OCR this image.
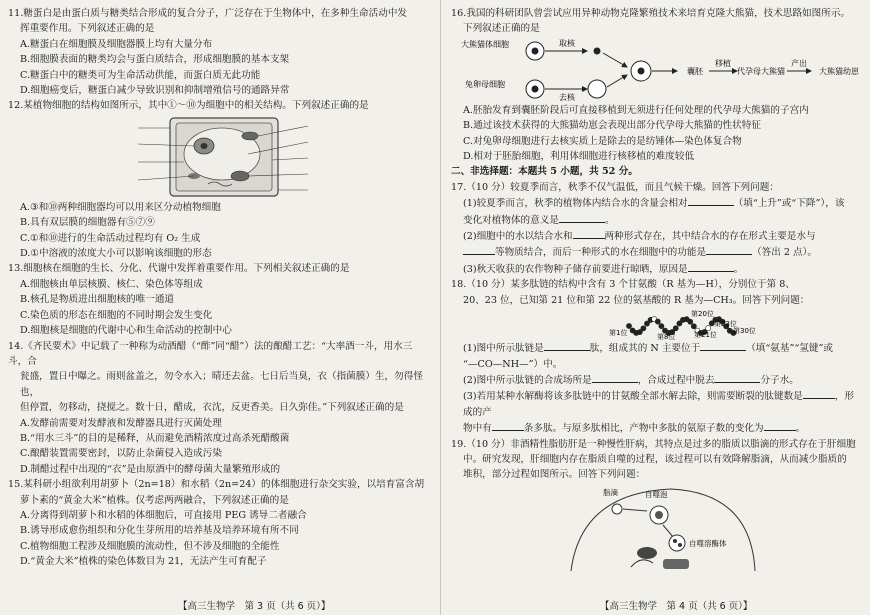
11.糖蛋白是由蛋白质与糖类结合形成的复合分子，广泛存在于生物体中，在多种生命活动中发

挥重要作用。下列叙述正确的是

A.糖蛋白在细胞膜及细胞器膜上均有大量分布

B.细胞膜表面的糖类均会与蛋白质结合，形成细胞膜的基本支架

C.糖蛋白中的糖类可为生命活动供能，而蛋白质无此功能

D.细胞癌变后，糖蛋白减少导致识别和抑制增殖信号的通路异常

12.某植物细胞的结构如图所示，其中①～⑩为细胞中的相关结构。下列叙述正确的是

A.③和⑩两种细胞器均可以用来区分动植物细胞

B.具有双层膜的细胞器有⑤⑦⑨

C.①和⑩进行的生命活动过程均有 O₂ 生成

D.①中溶液的浓度大小可以影响该细胞的形态

13.细胞核在细胞的生长、分化、代谢中发挥着重要作用。下列相关叙述正确的是

A.细胞核由单层核膜、核仁、染色体等组成

B.核孔是物质进出细胞核的唯一通道

C.染色质的形态在细胞的不同时期会发生变化

D.细胞核是细胞的代谢中心和生命活动的控制中心

14.《齐民要术》中记载了一种称为动酒醋（“酢”同“醋”）法的酿醋工艺：“大率酒一斗，用水三斗，合

瓮盛，置日中曝之。雨则盆盖之，勿令水入；晴还去盆。七日后当臭，衣（指菌膜）生，勿得怪也，

但停置，勿移动，挠搅之。数十日，醋成，衣沈，反更香美。日久弥佳。”下列叙述正确的是

A.发酵前需要对发酵液和发酵器具进行灭菌处理

B.“用水三斗”的目的是稀释，从而避免酒精浓度过高杀死醋酸菌

C.酿醋装置需要密封，以防止杂菌侵入造成污染

D.制醋过程中出现的“衣”是由原酒中的酵母菌大量繁殖形成的

15.某科研小组欲利用胡萝卜（2n=18）和水稻（2n=24）的体细胞进行杂交实验，以培育富含胡

萝卜素的“黄金大米”植株。仅考虑两两融合，下列叙述正确的是

A.分离得到胡萝卜和水稻的体细胞后，可直接用 PEG 诱导二者融合

B.诱导形成愈伤组织和分化生芽所用的培养基及培养环境有所不同

C.植物细胞工程涉及细胞膜的流动性，但不涉及细胞的全能性

D.“黄金大米”植株的染色体数目为 21，无法产生可育配子

【高三生物学　第 3 页（共 6 页）】

16.我国的科研团队曾尝试应用异种动物克隆繁殖技术来培育克隆大熊猫，技术思路如图所示。

下列叙述正确的是

大熊猫体细胞	取核
兔卵母细胞
去核
囊胚
移植
代孕母大熊猫
产出
大熊猫幼崽

A.胚胎发育到囊胚阶段后可直接移植到无须进行任何处理的代孕母大熊猫的子宫内

B.通过该技术获得的大熊猫幼崽会表现出部分代孕母大熊猫的性状特征

C.对兔卵母细胞进行去核实质上是除去的是纺锤体—染色体复合物

D.相对于胚胎细胞，利用体细胞进行核移植的难度较低

二、非选择题：本题共 5 小题，共 52 分。

17.（10 分）较夏季而言，秋季不仅气温低，而且气候干燥。回答下列问题：

(1)较夏季而言，秋季的植物体内结合水的含量会相对	（填“上升”或“下降”），该

变化对植物体的意义是	。

(2)细胞中的水以结合水和	两种形式存在，其中结合水的存在形式主要是水与

等物质结合，而后一种形式的水在细胞中的功能是	（答出 2 点）。

(3)秋天收获的农作物种子储存前要进行晾晒，原因是	。

18.（10 分）某多肽链的结构中含有 3 个甘氨酸（R 基为—H），分别位于第 8、

20、23 位，已知第 21 位和第 22 位的氨基酸的 R 基为—CH₃。回答下列问题：

第1位	第8位
第20位
第21位
第23位
第30位

(1)图中所示肽链是	肽，组成其的 N 主要位于	（填“氨基”“氢键”或

“—CO—NH—”）中。

(2)图中所示肽链的合成场所是	，合成过程中脱去	分子水。

(3)若用某种水解酶将该多肽链中的甘氨酸全部水解去除，则需要断裂的肽键数是	，形成的产

物中有	条多肽。与原多肽相比，产物中多肽的氨原子数的变化为	。

19.（10 分）非酒精性脂肪肝是一种慢性肝病，其特点是过多的脂质以脂滴的形式存在于肝细胞

中。研究发现，肝细胞内存在脂质自噬的过程，该过程可以有效降解脂滴，从而减少脂质的

堆积，部分过程如图所示。回答下列问题：

脂滴	自噬泡
自噬溶酶体
【高三生物学　第 4 页（共 6 页）】
